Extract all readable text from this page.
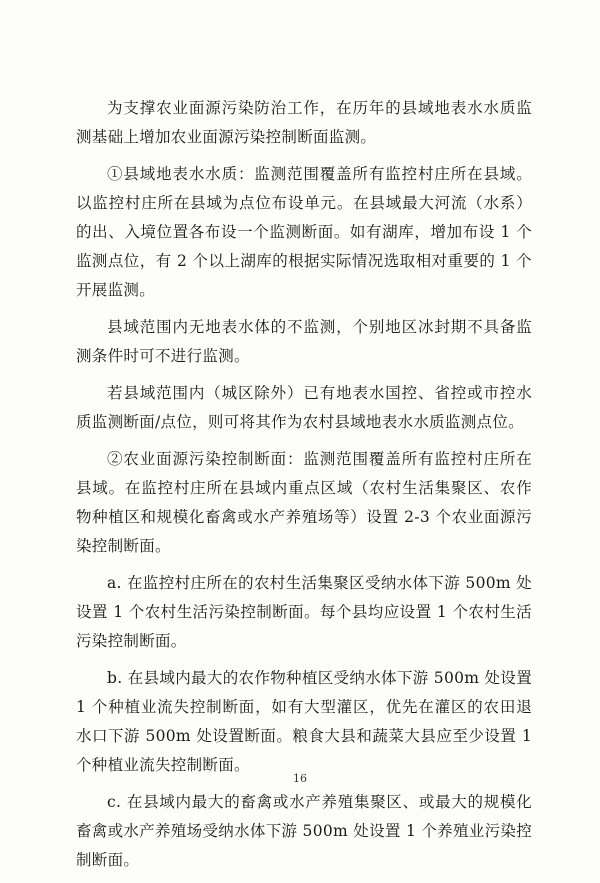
为支撑农业面源污染防治工作，在历年的县域地表水水质监测基础上增加农业面源污染控制断面监测。

①县域地表水水质：监测范围覆盖所有监控村庄所在县域。以监控村庄所在县域为点位布设单元。在县域最大河流（水系）的出、入境位置各布设一个监测断面。如有湖库，增加布设 1 个监测点位，有 2 个以上湖库的根据实际情况选取相对重要的 1 个开展监测。

县域范围内无地表水体的不监测，个别地区冰封期不具备监测条件时可不进行监测。

若县域范围内（城区除外）已有地表水国控、省控或市控水质监测断面/点位，则可将其作为农村县域地表水水质监测点位。

②农业面源污染控制断面：监测范围覆盖所有监控村庄所在县域。在监控村庄所在县域内重点区域（农村生活集聚区、农作物种植区和规模化畜禽或水产养殖场等）设置 2-3 个农业面源污染控制断面。

a. 在监控村庄所在的农村生活集聚区受纳水体下游 500m 处设置 1 个农村生活污染控制断面。每个县均应设置 1 个农村生活污染控制断面。

b. 在县域内最大的农作物种植区受纳水体下游 500m 处设置 1 个种植业流失控制断面，如有大型灌区，优先在灌区的农田退水口下游 500m 处设置断面。粮食大县和蔬菜大县应至少设置 1 个种植业流失控制断面。

c. 在县域内最大的畜禽或水产养殖集聚区、或最大的规模化畜禽或水产养殖场受纳水体下游 500m 处设置 1 个养殖业污染控制断面。

16
